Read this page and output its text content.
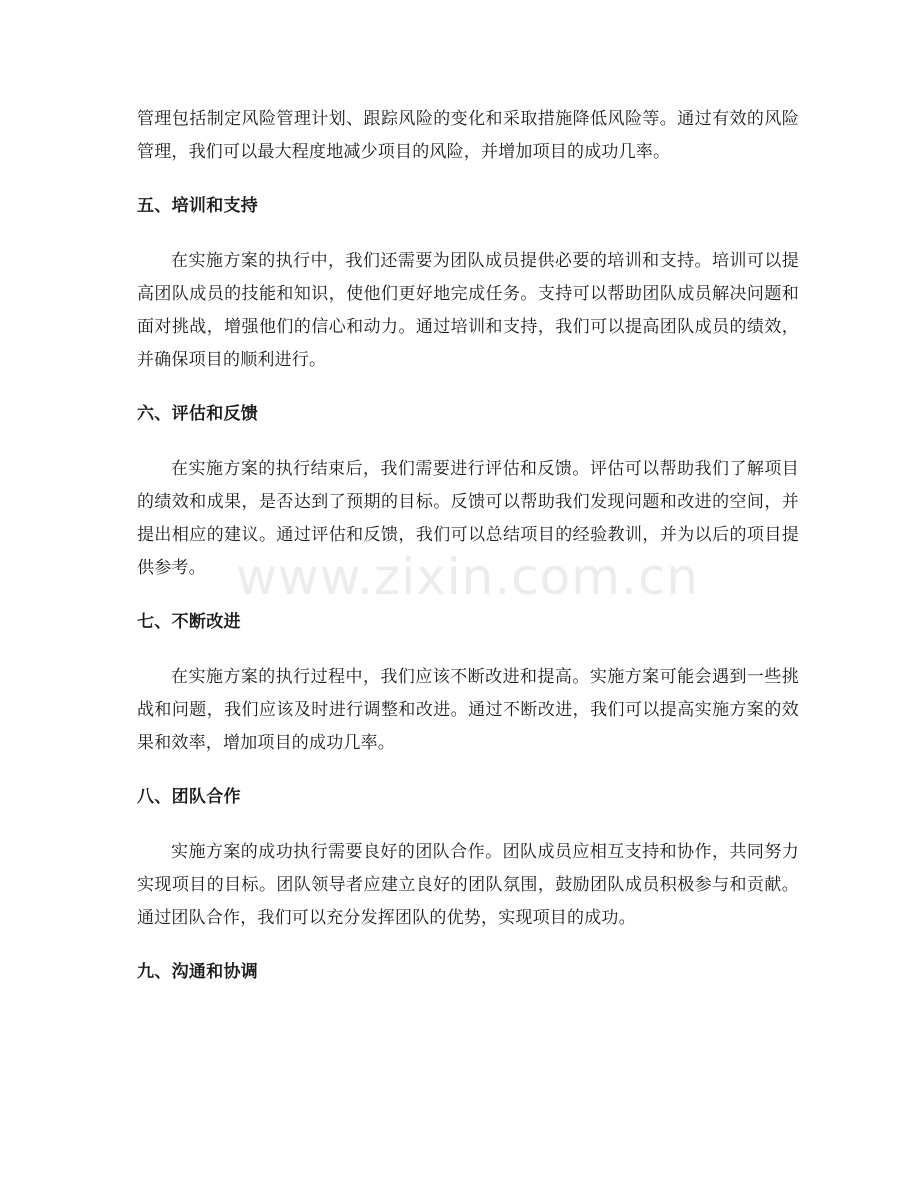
管理包括制定风险管理计划、跟踪风险的变化和采取措施降低风险等。通过有效的风险管理，我们可以最大程度地减少项目的风险，并增加项目的成功几率。

五、培训和支持

在实施方案的执行中，我们还需要为团队成员提供必要的培训和支持。培训可以提高团队成员的技能和知识，使他们更好地完成任务。支持可以帮助团队成员解决问题和面对挑战，增强他们的信心和动力。通过培训和支持，我们可以提高团队成员的绩效，并确保项目的顺利进行。

六、评估和反馈

在实施方案的执行结束后，我们需要进行评估和反馈。评估可以帮助我们了解项目的绩效和成果，是否达到了预期的目标。反馈可以帮助我们发现问题和改进的空间，并提出相应的建议。通过评估和反馈，我们可以总结项目的经验教训，并为以后的项目提供参考。

七、不断改进

在实施方案的执行过程中，我们应该不断改进和提高。实施方案可能会遇到一些挑战和问题，我们应该及时进行调整和改进。通过不断改进，我们可以提高实施方案的效果和效率，增加项目的成功几率。

八、团队合作

实施方案的成功执行需要良好的团队合作。团队成员应相互支持和协作，共同努力实现项目的目标。团队领导者应建立良好的团队氛围，鼓励团队成员积极参与和贡献。通过团队合作，我们可以充分发挥团队的优势，实现项目的成功。

九、沟通和协调
www.zixin.com.cn
